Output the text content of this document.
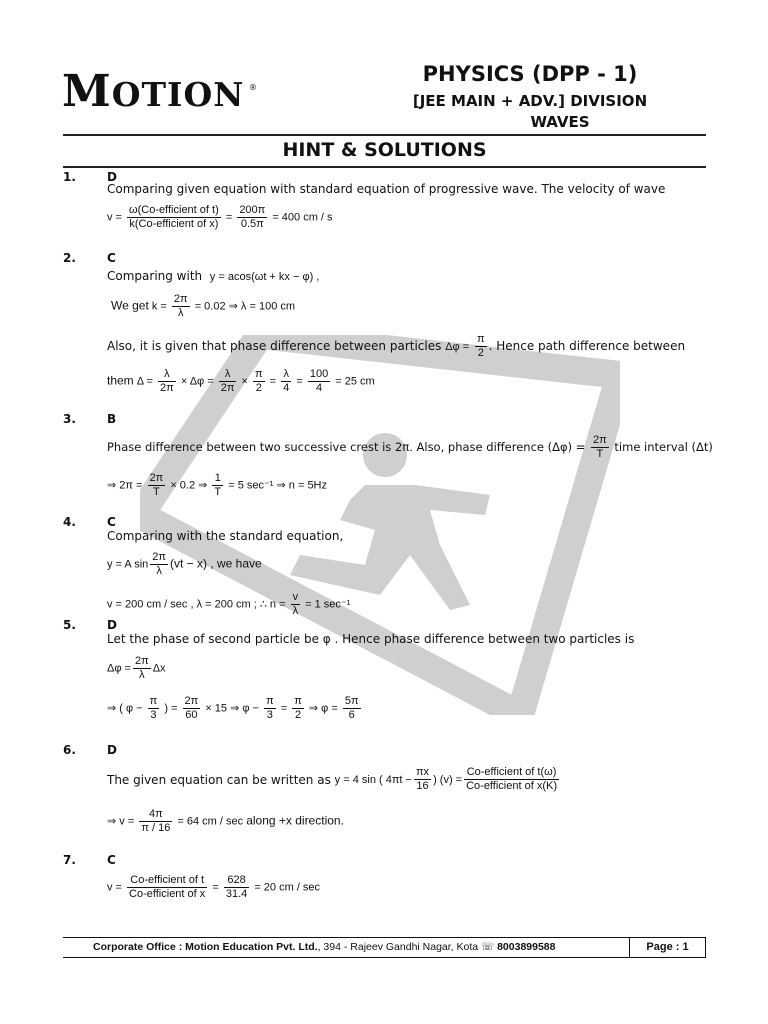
MOTION ®
PHYSICS (DPP - 1)
[JEE MAIN + ADV.] DIVISION
WAVES
HINT & SOLUTIONS
1.	D
Comparing given equation with standard equation of progressive wave. The velocity of wave
$v = \frac{\text{ω(Co-efficient of t)}}{\text{k(Co-efficient of x)}} = \frac{200\pi}{0.5\pi} = 400$ cm / s
2.	C
Comparing with y = acos(ωt + kx − φ) ,
We get $k = \frac{2\pi}{\lambda} = 0.02$ ⇒ λ = 100 cm
Also, it is given that phase difference between particles $\Delta\varphi = \frac{\pi}{2}$ . Hence path difference between
them $\Delta = \frac{\lambda}{2\pi} \times \Delta\varphi = \frac{\lambda}{2\pi} \times \frac{\pi}{2} = \frac{\lambda}{4} = \frac{100}{4} = 25$ cm
3.	B
Phase difference between two successive crest is 2π. Also, phase difference $(\Delta\varphi) = \frac{2\pi}{T}$ time interval (Δt)
⇒ $2\pi = \frac{2\pi}{T} \times 0.2$ ⇒ $\frac{1}{T} = 5$ sec⁻¹ ⇒ n = 5Hz
4.	C
Comparing with the standard equation,
y = A $\sin \frac{2\pi}{\lambda} (vt - x)$ , we have
v = 200 cm / sec , λ = 200 cm ; ∴ $n = \frac{v}{\lambda} = 1$ sec⁻¹
5.	D
Let the phase of second particle be φ . Hence phase difference between two particles is
$\Delta\varphi = \frac{2\pi}{\lambda}$ Δx
⇒ ( $\varphi - \frac{\pi}{3}$ ) = $\frac{2\pi}{60} \times 15$ ⇒ $\varphi - \frac{\pi}{3} = \frac{\pi}{2}$ ⇒ $\varphi = \frac{5\pi}{6}$
6.	D
The given equation can be written as
y = 4 sin ( $4\pi t - \frac{\pi x}{16}$ ) $(v) = \frac{\text{Co-efficient of t(ω)}}{\text{Co-efficient of x(K)}}$
⇒ $v = \frac{4\pi}{\pi / 16} = 64$ cm / sec along +x direction.
7.	C
$v = \frac{\text{Co-efficient of t}}{\text{Co-efficient of x}} = \frac{628}{31.4} = 20$ cm / sec
Corporate Office : Motion Education Pvt. Ltd., 394 - Rajeev Gandhi Nagar, Kota ☏ 8003899588	Page : 1
